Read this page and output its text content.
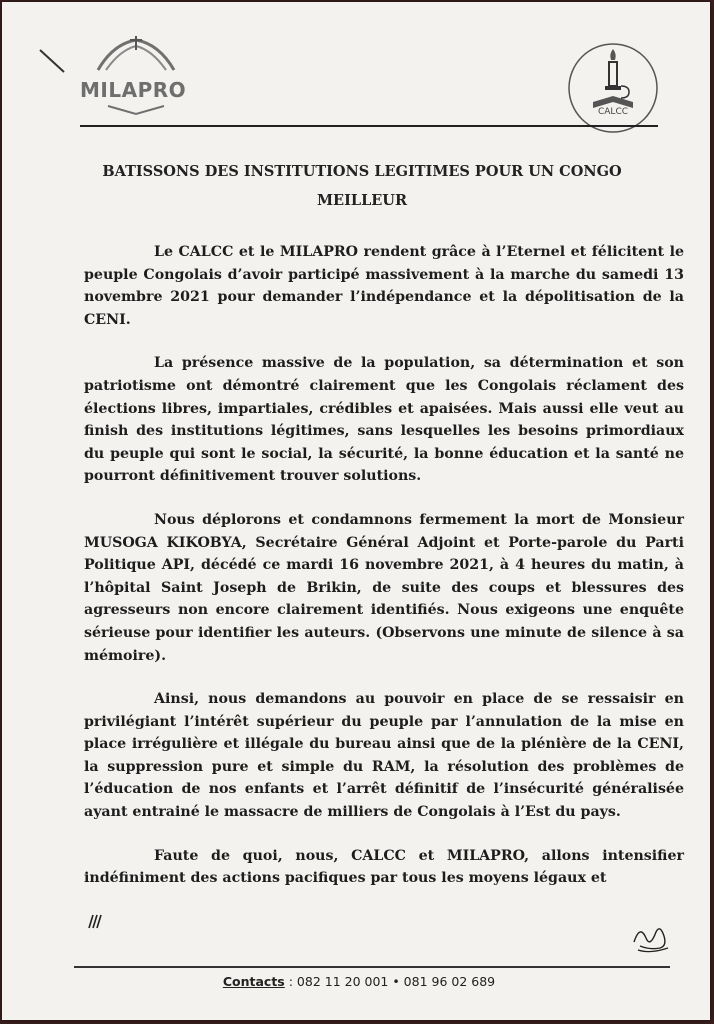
MILAPRO
CALCC
BATISSONS DES INSTITUTIONS LEGITIMES POUR UN CONGO
MEILLEUR

Le CALCC et le MILAPRO rendent grâce à l’Eternel et félicitent le peuple Congolais d’avoir participé massivement à la marche du samedi 13 novembre 2021 pour demander l’indépendance et la dépolitisation de la CENI.

La présence massive de la population, sa détermination et son patriotisme ont démontré clairement que les Congolais réclament des élections libres, impartiales, crédibles et apaisées. Mais aussi elle veut au finish des institutions légitimes, sans lesquelles les besoins primordiaux du peuple qui sont le social, la sécurité, la bonne éducation et la santé ne pourront définitivement trouver solutions.

Nous déplorons et condamnons fermement la mort de Monsieur MUSOGA KIKOBYA, Secrétaire Général Adjoint et Porte-parole du Parti Politique API, décédé ce mardi 16 novembre 2021, à 4 heures du matin, à l’hôpital Saint Joseph de Brikin, de suite des coups et blessures des agresseurs non encore clairement identifiés. Nous exigeons une enquête sérieuse pour identifier les auteurs. (Observons une minute de silence à sa mémoire).

Ainsi, nous demandons au pouvoir en place de se ressaisir en privilégiant l’intérêt supérieur du peuple par l’annulation de la mise en place irrégulière et illégale du bureau ainsi que de la plénière de la CENI, la suppression pure et simple du RAM, la résolution des problèmes de l’éducation de nos enfants et l’arrêt définitif de l’insécurité généralisée ayant entrainé le massacre de milliers de Congolais à l’Est du pays.

Faute de quoi, nous, CALCC et MILAPRO, allons intensifier indéfiniment des actions pacifiques par tous les moyens légaux et

Contacts : 082 11 20 001 • 081 96 02 689
